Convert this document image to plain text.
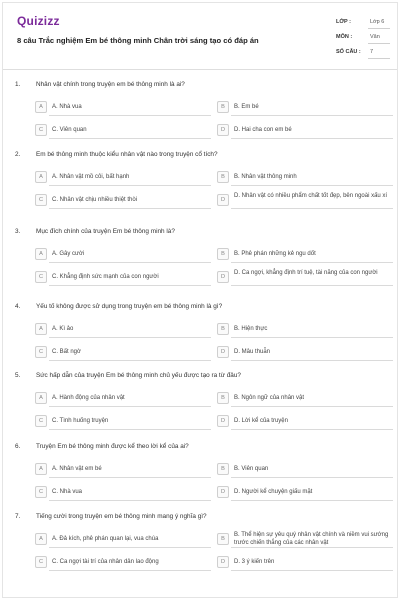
Quizizz
8 câu Trắc nghiệm Em bé thông minh Chân trời sáng tạo có đáp án
LỚP :	Lớp 6
MÔN :	Văn
SỐ CÂU : 7
1. Nhân vật chính trong truyện em bé thông minh là ai?
A	A. Nhà vua	B	B. Em bé
C	C. Viên quan	D	D. Hai cha con em bé
2. Em bé thông minh thuộc kiểu nhân vật nào trong truyện cổ tích?
A	A. Nhân vật mồ côi, bất hạnh	B	B. Nhân vật thông minh
C	C. Nhân vật chịu nhiều thiệt thòi	D
D. Nhân vật có nhiều phẩm chất tốt đẹp, bên ngoài xấu xí
3. Mục đích chính của truyện Em bé thông minh là?
A	A. Gây cười	B	B. Phê phán những kẻ ngu dốt
C	C. Khẳng định sức mạnh của con người	D
D. Ca ngợi, khẳng định trí tuệ, tài năng của con người
4. Yếu tố không được sử dụng trong truyện em bé thông minh là gì?
A	A. Kì ảo	B	B. Hiện thực
C	C. Bất ngờ	D	D. Mâu thuẫn
5. Sức hấp dẫn của truyện Em bé thông minh chủ yếu được tạo ra từ đâu?
A	A. Hành động của nhân vật	B	B. Ngôn ngữ của nhân vật
C	C. Tình huống truyện	D	D. Lời kể của truyện
6. Truyện Em bé thông minh được kể theo lời kể của ai?
A	A. Nhân vật em bé	B	B. Viên quan
C	C. Nhà vua	D	D. Người kể chuyện giấu mặt
7. Tiếng cười trong truyện em bé thông minh mang ý nghĩa gì?
A	A. Đả kích, phê phán quan lại, vua chúa	B
B. Thể hiện sự yêu quý nhân vật chính và niềm vui sướng trước chiến thắng của các nhân vật
C	C. Ca ngợi tài trí của nhân dân lao động	D	D. 3 ý kiến trên
